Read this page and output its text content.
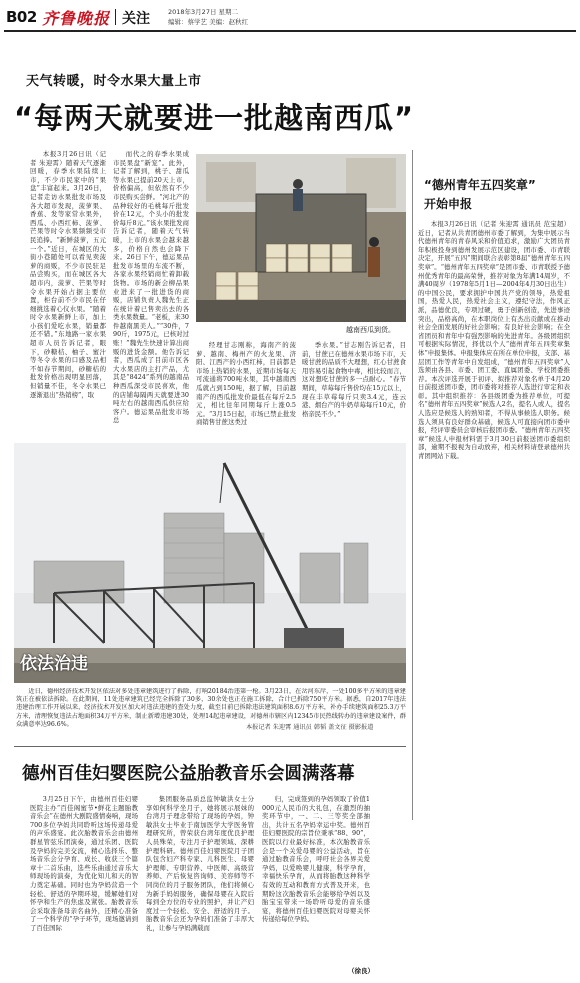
B02 齐鲁晚报 关注	2018年3月27日 星期二
编辑：蔡学艺 美编：赵秋红
天气转暖，时令水果大量上市
“每两天就要进一批越南西瓜”

本报3月26日讯（记者 朱迎霄）随着天气逐渐回暖，春季水果陆续上市，不少市民家中的“果盘”丰富起来。3月26日，记者走访水果批发市场及各大超市发现，菠萝果、香蕉、发等家常水果外，西瓜、小西红柿、菠萝、芒果等时令水果频频受市民追捧。“新鲜菠萝，五元一个。”近日，在城区的大街小巷随处可以看见卖菠萝的商贩，不少市民驻足品尝购买，而在城区各大超市内，菠萝、芒果等时令水果开始占据主要位置，柜台前不少市民在仔细挑选着心仪水果。“随着时令水果新鲜上市，加上小孩们爱吃水果，销量都还不错。”东地路一家水果超市人员告诉记者，眼下，砂糖桔、柚子、蜜汁等冬令水果的口感及品相不如春节期间，砂糖桔的批发价格出现明显回落，但销量不佳，冬令水果已逐渐退出“热销榜”，取

而代之的春季水果成市民果盘“新宠”。此外，记者了解到，桃子、甜瓜等水果已提前20天上市，价格偏高，但依然有不少市民购买尝鲜。“河北产的品种较好的毛桃每斤批发价在12元，个头小的批发价每斤8元。”该水果批发商告诉记者，随着天气转暖，上市的水果会越来越多，价格自然也会降下来。26日下午，德运果品批发市场里的车流不断，各家水果经销商忙着卸载货物。市场的新会柳品果业进来了一批进货的商贩，店铺负责人魏先生正在统计着已售卖出去的各类水果数量。“老板，来30件越南黑美人。”“30件，790斤，1975元，已核对过账！”魏先生快速计算出商贩的进货金额。他告诉记者，西瓜成了目前市区各大水果店的主打产品，尤其是“8424”系列的越南品种西瓜深受市民喜欢，他的店铺每隔两天就要进30吨左右的越南西瓜供应给客户。德运果品批发市场总

越南西瓜到货。

经理甘志刚称，海南产的菠萝、越南、梅州产的火龙果、济阳、江西产的小西红柿，目前都是市场上热销的水果，近期市场每天可流通将700吨水果，其中越南西瓜就占到150吨，据了解，目前越南产的西瓜批发价最低在每斤2.5元，相比往年同期每斤上涨0.5元。“3月15日起，市场已禁止批发商销售甘蔗这类过

季水果。”甘志刚告诉记者，目前，甘蔗已在德州水果市场下市，天暖甘蔗的品质不大理想，红心甘蔗食用容易引起食物中毒，相比较而言，这对想吃甘蔗的多一点耐心。“春节期间，草莓每斤售价均在15元以上，现在丰草莓每斤只卖3.4元，连云港、烟台产的牛奶草莓每斤10元，价格亲民不少。”

“德州青年五四奖章”
开始申报

本报3月26日讯（记者 朱迎霄 通讯员 范宝超）近日，记者从共青团德州市委了解到，为集中展示当代德州青年的青春风采和价值追求，激励广大团员青年积极投身到德州发展示范区建设，团市委、市青联决定，开展“五四”期间联合表彰第8届“德州青年五四奖章”。“德州青年五四奖章”是团市委、市青联授予德州优秀青年的最高荣誉，推荐对象为年满14周岁，不满40周岁（1978年5月1日—2004年4月30日出生）的中国公民，要求拥护中国共产党的领导，热爱祖国，热爱人民，热爱社会主义，遵纪守法，作风正派，品德优良，专项过硬，勇于创新创造，先进事迹突出，品格高尚，在本职岗位上有杰出贡献或在推动社会全面发展的好社会影响；有良好社会影响；在全省团员和青年中有强烈影响的先进青年。各级团组织可根据实际情况，择优以个人“德州青年五四奖章集体”申报集体。申报集体应在所在单位申报，支部、基层团工作等青年中自发组成，“德州青年五四奖章”人选须由各县、市委、团工委、直属团委、学校团委推荐。本次评选开展于初评、拟推荐对象名单于4月20日前报送团市委，团市委将对推荐人选进行审定和表彰。其中组织推荐：各县级团委为推荐单位，可提名“德州青年五四奖章”候选人2名，提名人或人，提名人选应是候选人的熟知者，不得从事候选人职务。候选人须具有良好群众基础，候选人可直接向团市委申报，经评审委员会审核后报团市委。“德州青年五四奖章”候选人申报材料需于3月30日前报送团市委组织部，逾期不报视为自动放弃，相关材料请登录德州共青团网站下载。

依法治违

近日，德州经济技术开发区依法对多处违章建筑进行了拆除，打响20184治违第一枪。3月23日，在岔河东岸，一处100多平方米的违章建筑正在被依法拆除。在此期间，11处违章建筑已经完全拆除了30多，30余处也正在施工拆除，合计已拆除750平方米。据悉，自2017年违法违建治理工作开展以来，经济技术开发区加大对违法违建的查处力度，截至目前已拆除违法建筑面积8.6万平方米，补办手续建筑面积25.3万平方米，清理恢复违法占地面积34万平方米，制止新增违建30处，处理14起违章建设，对德州市辖区内12345市民热线转办的违章建设案件，群众满意率达96.6%。	本报记者 朱迎霄 通讯员 韩韬 盖文征 摄影报道
德州百佳妇婴医院公益胎教音乐会圆满落幕

3月25日下午，由德州百佳妇婴医院主办“百佳阁蜜节•鲜花主题胎教音乐会”在德州大剧院盛情奏响，现场700多位孕妈共同聆听这场传递母爱的声乐盛宴。此次胎教音乐会由德州群星管弦乐团演奏，通过乐团、医院及孕妈的完美交流，精心选择乐、整场音乐会分孕育、成长、收获三个篇章十二首乐曲，选些乐曲通过音乐大师现场的演奏，为优化知儿和天的智力奠定基础。同时也为孕妈营造一个轻松、舒适的孕期环境，缓解她们对怀孕和生产的焦虑及紧张。胎教音乐会采取准备母亲名曲外，还精心准备了一个科学的“孕子环节，现场邀请到了百佳国际

集团服务品质总监钟敏洪女士分享如何科学坐月子，她将展示展妹的台湾月子理念带给了现场的孕妈，钟敏洪女士毕业于南加医学大学医务管理研究所，曾荣获台湾年度优良护理人员殊荣，专注月子护理领域、深耕护理科研。德州百佳妇婴医院月子团队包含妇产科专家、儿科医生、母婴护理师、专职营养、中医师、高级营养师、产后恢复咨询师、美容师等不同岗位的月子服务团队，他们将倾心为新手妈妈服务，确保母婴在入院后每到全方位的专业的照护，并让产妇度过一个轻松、安全、舒适的月子。胎教音乐会还为孕妈们准备了丰厚大礼，让参与孕妈满载而

归，完成签到的孕妈领取了价值1000元人民币的大礼包，在激烈的抽奖环节中，一、二、三等奖全部抽出，共计五名孕妈幸运中奖。德州百佳妇婴医院的宗旨位秉承“88、90”，医院以行业最好标准，本次胎教音乐会是一个关爱母婴的公益活动，旨在通过胎教音乐会，呼吁社会各界关爱孕妈，以爱唤婴儿健康，科学孕育，幸福快乐孕育，从而将胎教这种科学有效的互动和教育方式普及开来，也期盼这次胎教音乐会能够给孕妈以及胎宝宝带来一场聆听母爱的音乐盛宴，将德州百佳妇婴医院对母婴关怀传递给每位孕妈。

（徐良）
